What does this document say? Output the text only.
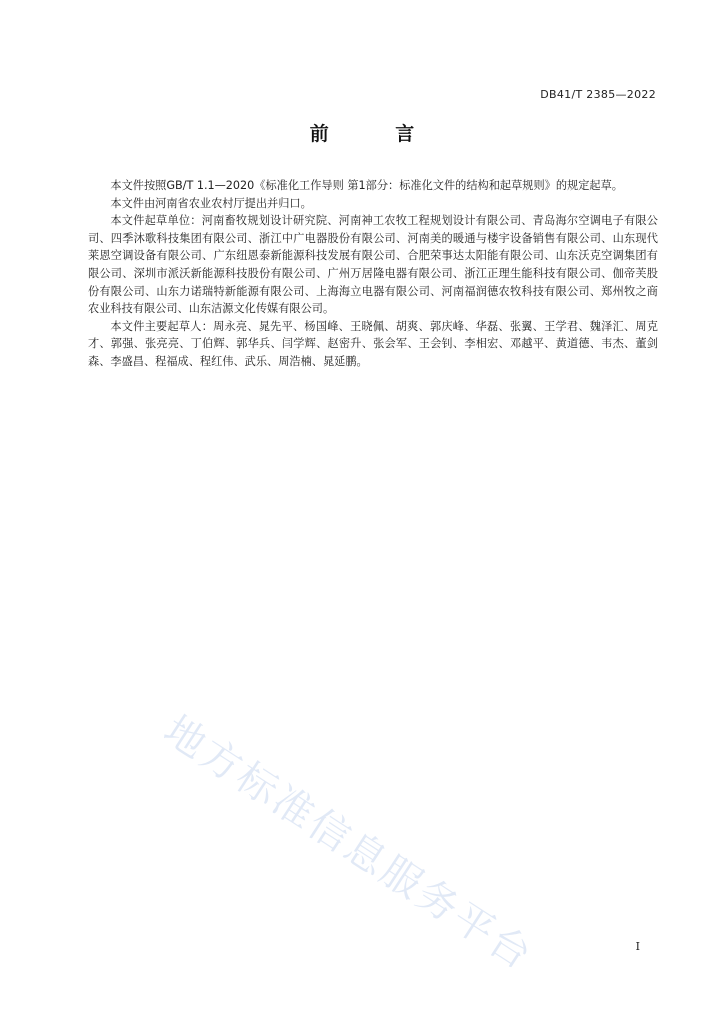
DB41/T 2385—2022
前 言

本文件按照GB/T 1.1—2020《标准化工作导则 第1部分：标准化文件的结构和起草规则》的规定起草。

本文件由河南省农业农村厅提出并归口。

本文件起草单位：河南畜牧规划设计研究院、河南神工农牧工程规划设计有限公司、青岛海尔空调电子有限公司、四季沐歌科技集团有限公司、浙江中广电器股份有限公司、河南美的暖通与楼宇设备销售有限公司、山东现代莱恩空调设备有限公司、广东纽恩泰新能源科技发展有限公司、合肥荣事达太阳能有限公司、山东沃克空调集团有限公司、深圳市派沃新能源科技股份有限公司、广州万居隆电器有限公司、浙江正理生能科技有限公司、伽帝芙股份有限公司、山东力诺瑞特新能源有限公司、上海海立电器有限公司、河南福润德农牧科技有限公司、郑州牧之商农业科技有限公司、山东洁源文化传媒有限公司。

本文件主要起草人：周永亮、晁先平、杨国峰、王晓佩、胡爽、郭庆峰、华磊、张翼、王学君、魏泽汇、周克才、郭强、张亮亮、丁伯辉、郭华兵、闫学辉、赵密升、张会军、王会钊、李相宏、邓越平、黄道德、韦杰、董剑森、李盛昌、程福成、程红伟、武乐、周浩楠、晁延鹏。

地方标准信息服务平台	I
